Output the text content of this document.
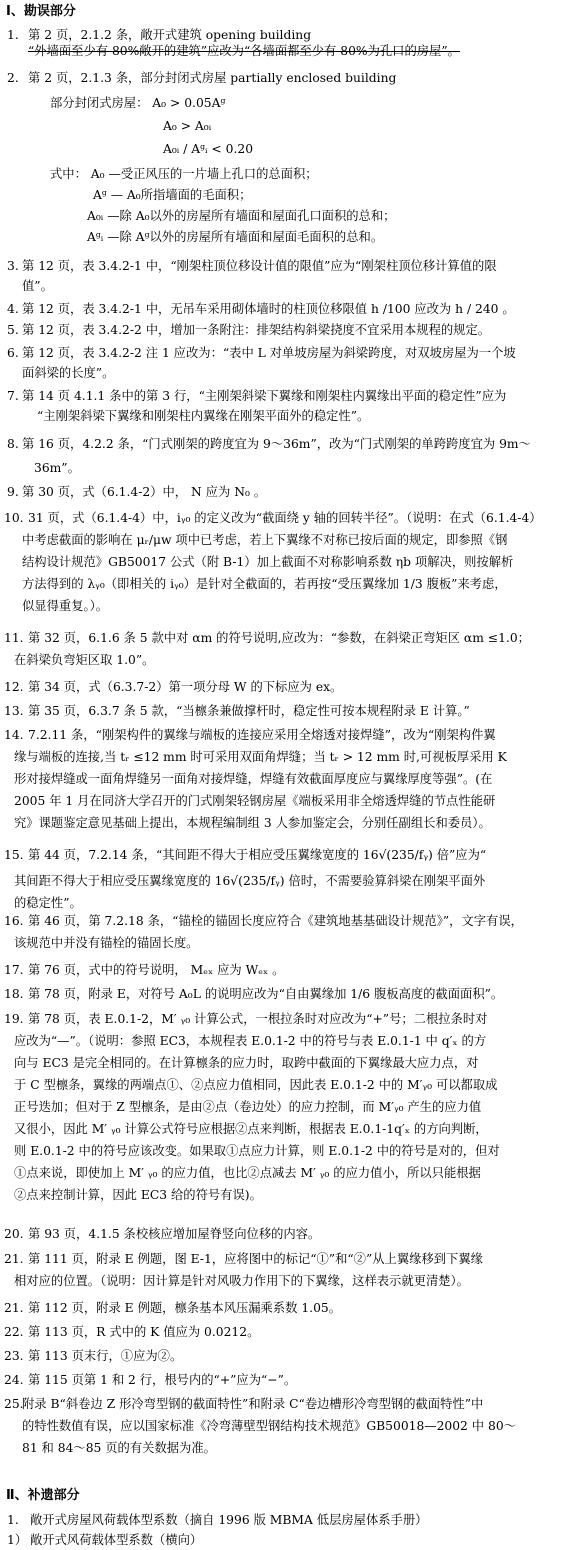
Ⅰ、勘误部分
Ⅱ、补遗部分
1. 第 2 页，2.1.2 条，敞开式建筑 opening building
“外墙面至少有 80%敞开的建筑”应改为“各墙面都至少有 80%为孔口的房屋”。
2. 第 2 页，2.1.3 条，部分封闭式房屋 partially enclosed building
部分封闭式房屋： A₀ > 0.05Aᵍ
A₀ > A₀ᵢ
A₀ᵢ / Aᵍᵢ < 0.20
式中： A₀ —受正风压的一片墙上孔口的总面积；
Aᵍ — A₀所指墙面的毛面积；
A₀ᵢ —除 A₀以外的房屋所有墙面和屋面孔口面积的总和；
Aᵍᵢ —除 Aᵍ以外的房屋所有墙面和屋面毛面积的总和。
3. 第 12 页，表 3.4.2-1 中，“刚架柱顶位移设计值的限值”应为“刚架柱顶位移计算值的限
值”。
4. 第 12 页，表 3.4.2-1 中，无吊车采用砌体墙时的柱顶位移限值 h /100 应改为 h / 240 。
5. 第 12 页，表 3.4.2-2 中，增加一条附注：排架结构斜梁挠度不宜采用本规程的规定。
6. 第 12 页，表 3.4.2-2 注 1 应改为：“表中 L 对单坡房屋为斜梁跨度，对双坡房屋为一个坡
面斜梁的长度”。
7. 第 14 页 4.1.1 条中的第 3 行，“主刚架斜梁下翼缘和刚架柱内翼缘出平面的稳定性”应为
“主刚架斜梁下翼缘和刚架柱内翼缘在刚架平面外的稳定性”。
8. 第 16 页，4.2.2 条，“门式刚架的跨度宜为 9～36m”，改为“门式刚架的单跨跨度宜为 9m～
36m”。
9. 第 30 页，式（6.1.4-2）中， N 应为 N₀ 。
10. 31 页，式（6.1.4-4）中，iᵧ₀ 的定义改为“截面绕 y 轴的回转半径”。（说明：在式（6.1.4-4）
中考虑截面的影响在 μᵣ/μw 项中已考虑，若上下翼缘不对称已按后面的规定，即参照《钢
结构设计规范》GB50017 公式（附 B-1）加上截面不对称影响系数 ηb 项解决，则按解析
方法得到的 λᵧ₀（即相关的 iᵧ₀）是针对全截面的，若再按“受压翼缘加 1/3 腹板”来考虑，
似显得重复。）。
11. 第 32 页，6.1.6 条 5 款中对 αm 的符号说明,应改为：“参数，在斜梁正弯矩区 αm ≤1.0；
在斜梁负弯矩区取 1.0”。
12. 第 34 页，式（6.3.7-2）第一项分母 W 的下标应为 ex。
13. 第 35 页，6.3.7 条 5 款，“当檩条兼做撑杆时，稳定性可按本规程附录 E 计算。”
14. 7.2.11 条，“刚架构件的翼缘与端板的连接应采用全熔透对接焊缝”，改为“刚架构件翼
缘与端板的连接,当 tᵣ ≤12 mm 时可采用双面角焊缝；当 tᵣ > 12 mm 时,可视板厚采用 K
形对接焊缝或一面角焊缝另一面角对接焊缝，焊缝有效截面厚度应与翼缘厚度等强”。(在
2005 年 1 月在同济大学召开的门式刚架轻钢房屋《端板采用非全熔透焊缝的节点性能研
究》课题鉴定意见基础上提出，本规程编制组 3 人参加鉴定会，分别任副组长和委员）。
15. 第 44 页，7.2.14 条，“其间距不得大于相应受压翼缘宽度的 16√(235/fᵧ) 倍”应为“
其间距不得大于相应受压翼缘宽度的 16√(235/fᵧ) 倍时，不需要验算斜梁在刚架平面外
的稳定性”。
16. 第 46 页，第 7.2.18 条，“锚栓的锚固长度应符合《建筑地基基础设计规范》”，文字有误，
该规范中并没有锚栓的锚固长度。
17. 第 76 页，式中的符号说明， Mₑₓ 应为 Wₑₓ 。
18. 第 78 页，附录 E，对符号 A₀L 的说明应改为“自由翼缘加 1/6 腹板高度的截面面积”。
19. 第 78 页，表 E.0.1-2，M′ ᵧ₀ 计算公式，一根拉条时对应改为“+”号；二根拉条时对
应改为“—”。（说明：参照 EC3，本规程表 E.0.1-2 中的符号与表 E.0.1-1 中 q′ₓ 的方
向与 EC3 是完全相同的。在计算檩条的应力时，取跨中截面的下翼缘最大应力点，对
于 C 型檩条，翼缘的两端点①、②点应力值相同，因此表 E.0.1-2 中的 M′ᵧ₀ 可以都取成
正号迭加；但对于 Z 型檩条，是由②点（卷边处）的应力控制，而 M′ᵧ₀ 产生的应力值
又很小，因此 M′ ᵧ₀ 计算公式符号应根据②点来判断，根据表 E.0.1-1q′ₓ 的方向判断，
则 E.0.1-2 中的符号应该改变。如果取①点应力计算，则 E.0.1-2 中的符号是对的，但对
①点来说，即使加上 M′ ᵧ₀ 的应力值，也比②点减去 M′ ᵧ₀ 的应力值小，所以只能根据
②点来控制计算，因此 EC3 给的符号有误)。
20. 第 93 页，4.1.5 条校核应增加屋脊竖向位移的内容。
21. 第 111 页，附录 E 例题，图 E-1，应将图中的标记“①”和“②”从上翼缘移到下翼缘
相对应的位置。（说明：因计算是针对风吸力作用下的下翼缘，这样表示就更清楚）。
21. 第 112 页，附录 E 例题，檩条基本风压漏乘系数 1.05。
22. 第 113 页，R 式中的 K 值应为 0.0212。
23. 第 113 页末行，①应为②。
24. 第 115 页第 1 和 2 行，根号内的“+”应为“−”。
25.
附录 B“斜卷边 Z 形冷弯型钢的截面特性”和附录 C“卷边槽形冷弯型钢的截面特性”中
的特性数值有误，应以国家标准《冷弯薄壁型钢结构技术规范》GB50018—2002 中 80～
81 和 84～85 页的有关数据为准。
1. 敞开式房屋风荷载体型系数（摘自 1996 版 MBMA 低层房屋体系手册）
1） 敞开式风荷载体型系数（横向）
